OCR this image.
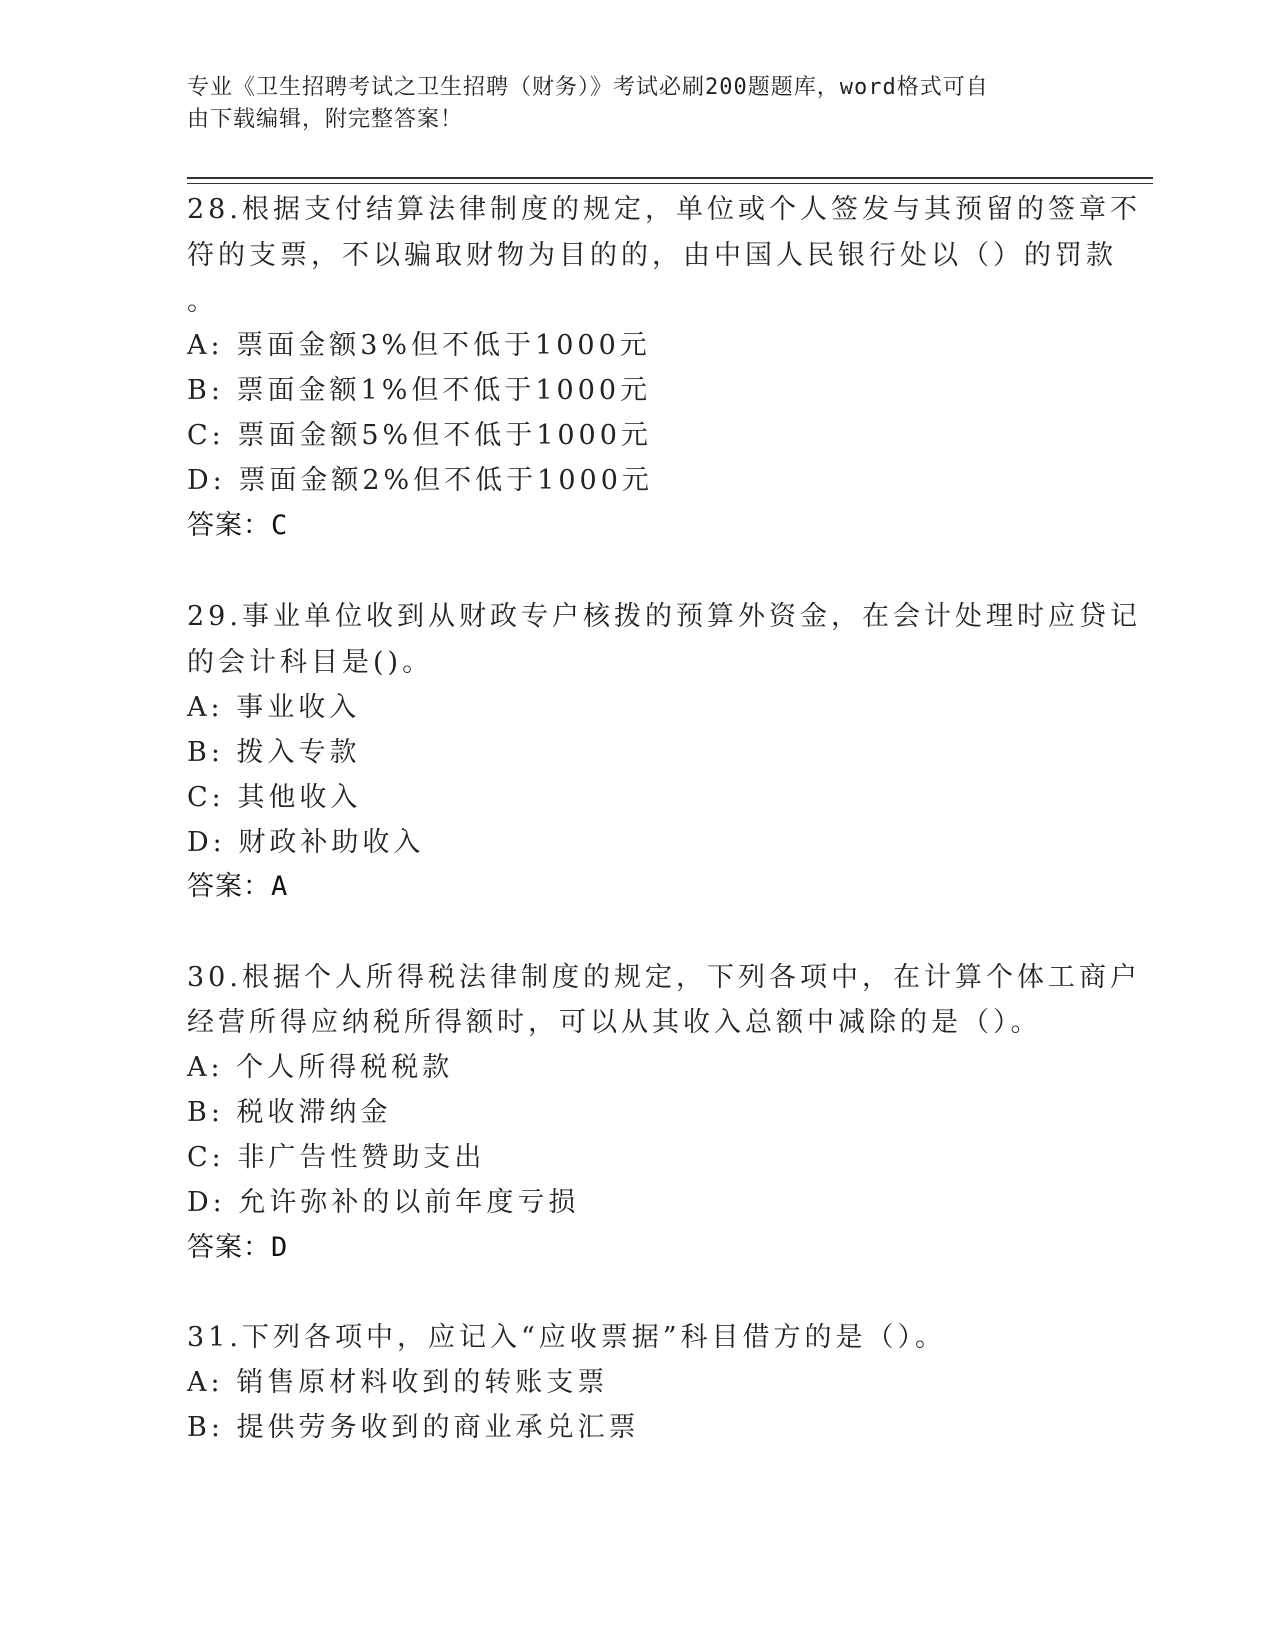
专业《卫生招聘考试之卫生招聘（财务）》考试必刷200题题库，word格式可自
由下载编辑，附完整答案！
28.根据支付结算法律制度的规定，单位或个人签发与其预留的签章不
符的支票，不以骗取财物为目的的，由中国人民银行处以（）的罚款
。
A: 票面金额3%但不低于1000元
B: 票面金额1%但不低于1000元
C: 票面金额5%但不低于1000元
D: 票面金额2%但不低于1000元
答案：C
29.事业单位收到从财政专户核拨的预算外资金，在会计处理时应贷记
的会计科目是()。
A: 事业收入
B: 拨入专款
C: 其他收入
D: 财政补助收入
答案：A
30.根据个人所得税法律制度的规定，下列各项中，在计算个体工商户
经营所得应纳税所得额时，可以从其收入总额中减除的是（）。
A: 个人所得税税款
B: 税收滞纳金
C: 非广告性赞助支出
D: 允许弥补的以前年度亏损
答案：D
31.下列各项中，应记入“应收票据”科目借方的是（）。
A: 销售原材料收到的转账支票
B: 提供劳务收到的商业承兑汇票
